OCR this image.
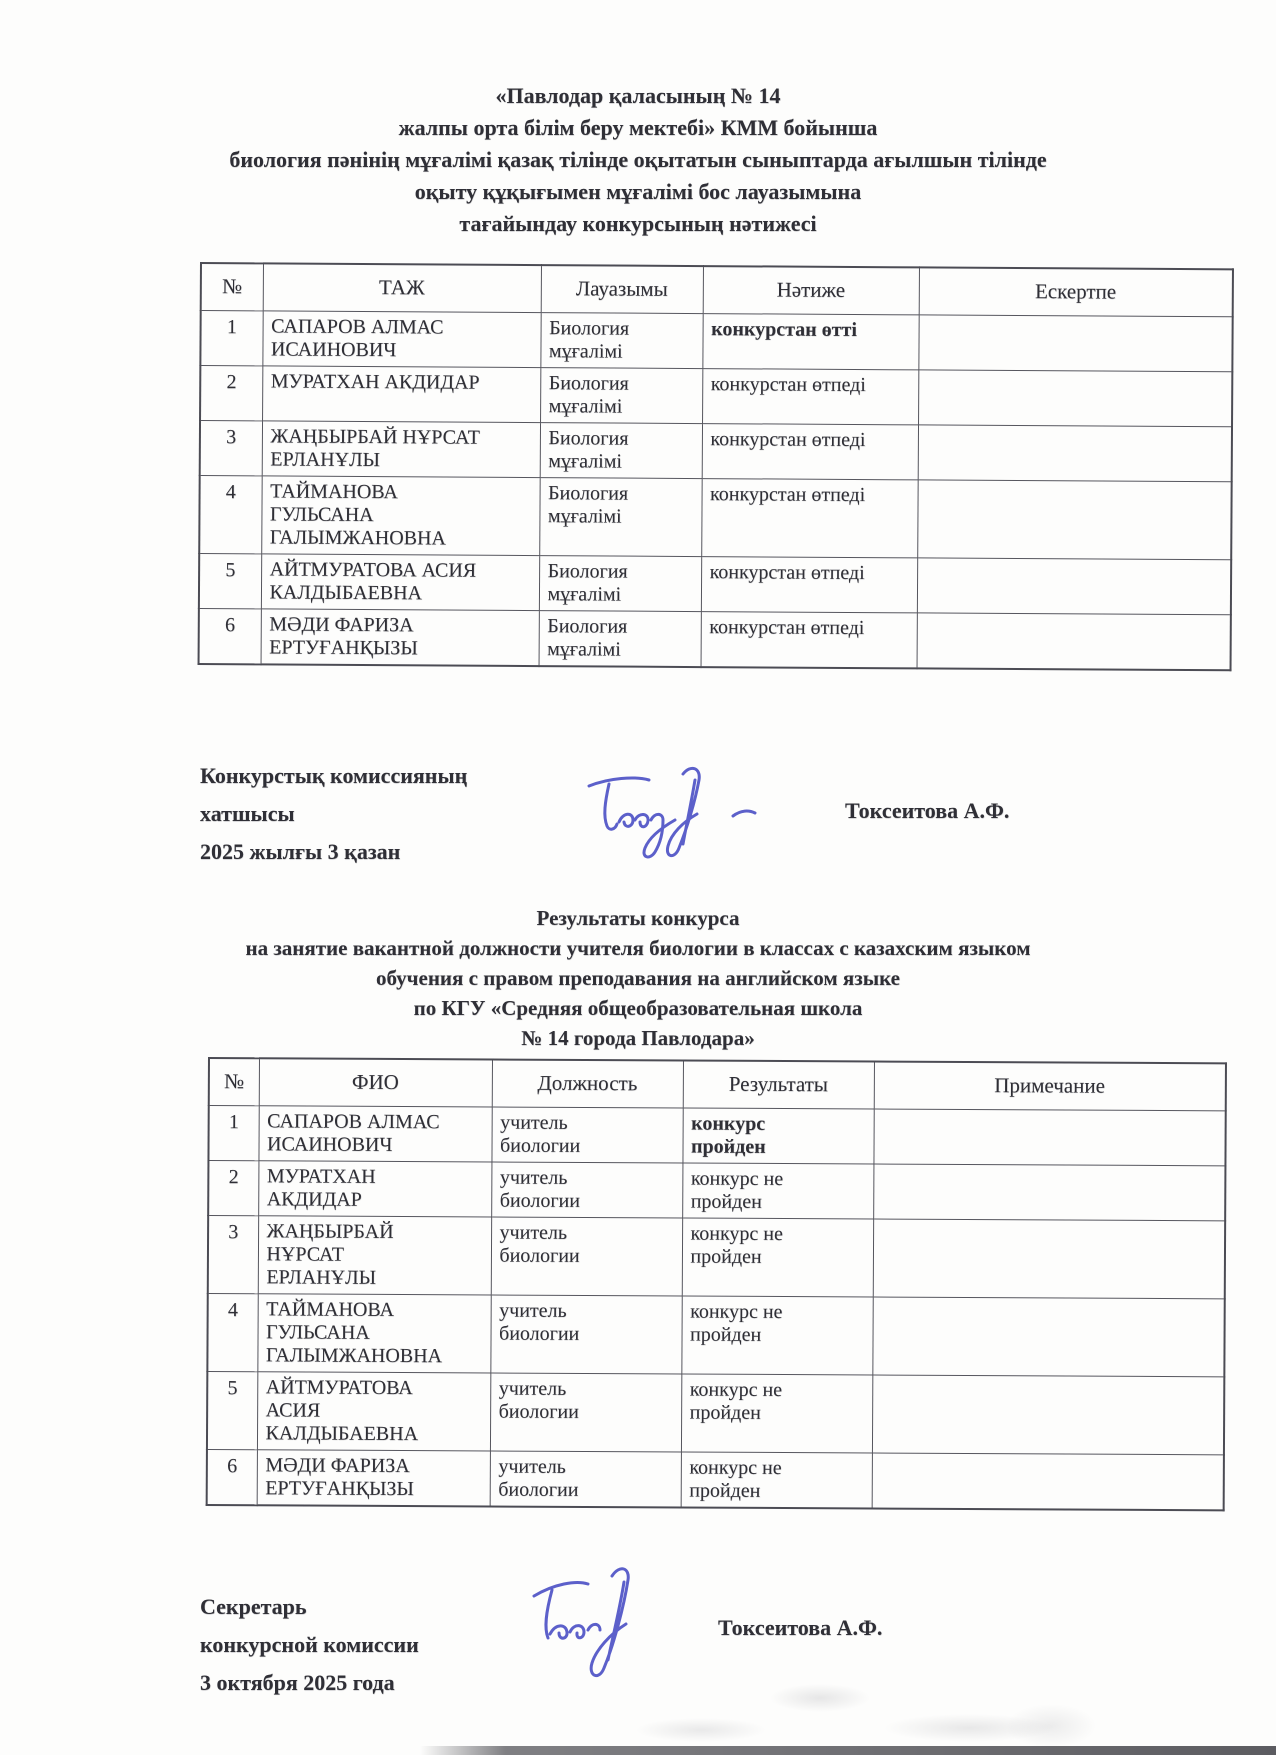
«Павлодар қаласының № 14
жалпы орта білім беру мектебі» КММ бойынша
биология пәнінің мұғалімі қазақ тілінде оқытатын сыныптарда ағылшын тілінде
оқыту құқығымен мұғалімі бос лауазымына
тағайындау конкурсының нәтижесі
№	ТАЖ	Лауазымы	Нәтиже	Ескертпе
1	САПАРОВ АЛМАС ИСАИНОВИЧ	Биология мұғалімі	конкурстан өтті	
2	МУРАТХАН АКДИДАР	Биология мұғалімі	конкурстан өтпеді	
3	ЖАҢБЫРБАЙ НҰРСАТ ЕРЛАНҰЛЫ	Биология мұғалімі	конкурстан өтпеді	
4	ТАЙМАНОВА ГУЛЬСАНА ГАЛЫМЖАНОВНА	Биология мұғалімі	конкурстан өтпеді	
5	АЙТМУРАТОВА АСИЯ КАЛДЫБАЕВНА	Биология мұғалімі	конкурстан өтпеді	
6	МӘДИ ФАРИЗА ЕРТУҒАНҚЫЗЫ	Биология мұғалімі	конкурстан өтпеді	
Конкурстық комиссияның
хатшысы
2025 жылғы 3 қазан
Токсеитова А.Ф.
Результаты конкурса
на занятие вакантной должности учителя биологии в классах с казахским языком
обучения с правом преподавания на английском языке
по КГУ «Средняя общеобразовательная школа
№ 14 города Павлодара»
№	ФИО	Должность	Результаты	Примечание
1	САПАРОВ АЛМАС ИСАИНОВИЧ	учитель биологии	конкурс пройден	
2	МУРАТХАН АКДИДАР	учитель биологии	конкурс не пройден	
3	ЖАҢБЫРБАЙ НҰРСАТ ЕРЛАНҰЛЫ	учитель биологии	конкурс не пройден	
4	ТАЙМАНОВА ГУЛЬСАНА ГАЛЫМЖАНОВНА	учитель биологии	конкурс не пройден	
5	АЙТМУРАТОВА АСИЯ КАЛДЫБАЕВНА	учитель биологии	конкурс не пройден	
6	МӘДИ ФАРИЗА ЕРТУҒАНҚЫЗЫ	учитель биологии	конкурс не пройден	
Секретарь
конкурсной комиссии
3 октября 2025 года
Токсеитова А.Ф.
